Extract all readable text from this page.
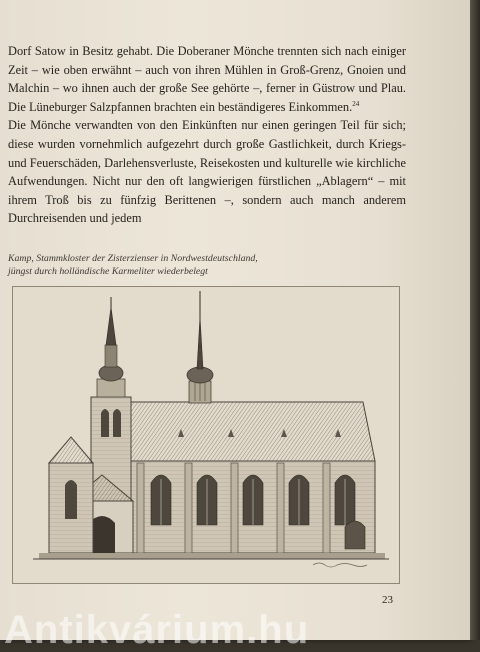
Dorf Satow in Besitz gehabt. Die Doberaner Mönche trennten sich nach einiger Zeit – wie oben erwähnt – auch von ihren Mühlen in Groß-Grenz, Gnoien und Malchin – wo ihnen auch der große See gehörte –, ferner in Güstrow und Plau. Die Lüneburger Salzpfannen brachten ein beständigeres Einkommen.$^{24}$

Die Mönche verwandten von den Einkünften nur einen geringen Teil für sich; diese wurden vornehmlich aufgezehrt durch große Gastlichkeit, durch Kriegs- und Feuerschäden, Darlehensverluste, Reisekosten und kulturelle wie kirchliche Aufwendungen. Nicht nur den oft langwierigen fürstlichen „Ablagern“ – mit ihrem Troß bis zu fünfzig Berittenen –, sondern auch manch anderem Durchreisenden und jedem

Kamp, Stammkloster der Zisterzienser in Nordwestdeutschland,
jüngst durch holländische Karmeliter wiederbelegt
23
Antikvárium.hu
